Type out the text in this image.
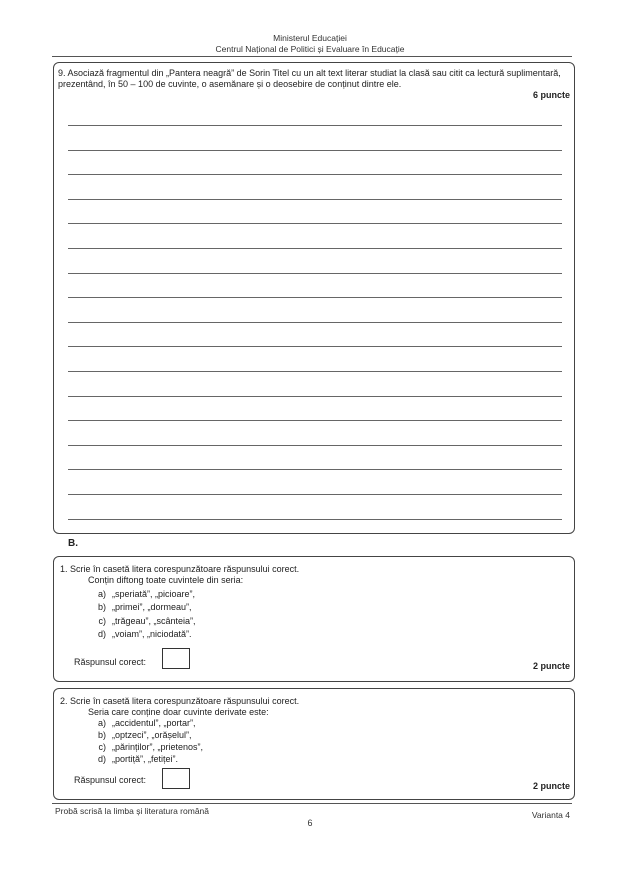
Ministerul Educației
Centrul Național de Politici și Evaluare în Educație
9. Asociază fragmentul din „Pantera neagră” de Sorin Titel cu un alt text literar studiat la clasă sau citit ca lectură suplimentară, prezentând, în 50 – 100 de cuvinte, o asemănare și o deosebire de conținut dintre ele.
6 puncte
B.
1. Scrie în casetă litera corespunzătoare răspunsului corect.
Conțin diftong toate cuvintele din seria:
a) „speriată”, „picioare”,
b) „primei”, „dormeau”,
c) „trăgeau”, „scânteia”,
d) „voiam”, „niciodată”.
Răspunsul corect:	2 puncte
2. Scrie în casetă litera corespunzătoare răspunsului corect.
Seria care conține doar cuvinte derivate este:
a) „accidentul”, „portar”,
b) „optzeci”, „orășelul”,
c) „părinților”, „prietenos”,
d) „portiță”, „fetiței”.
Răspunsul corect:
2 puncte
Probă scrisă la limba și literatura română	Varianta 4
6
